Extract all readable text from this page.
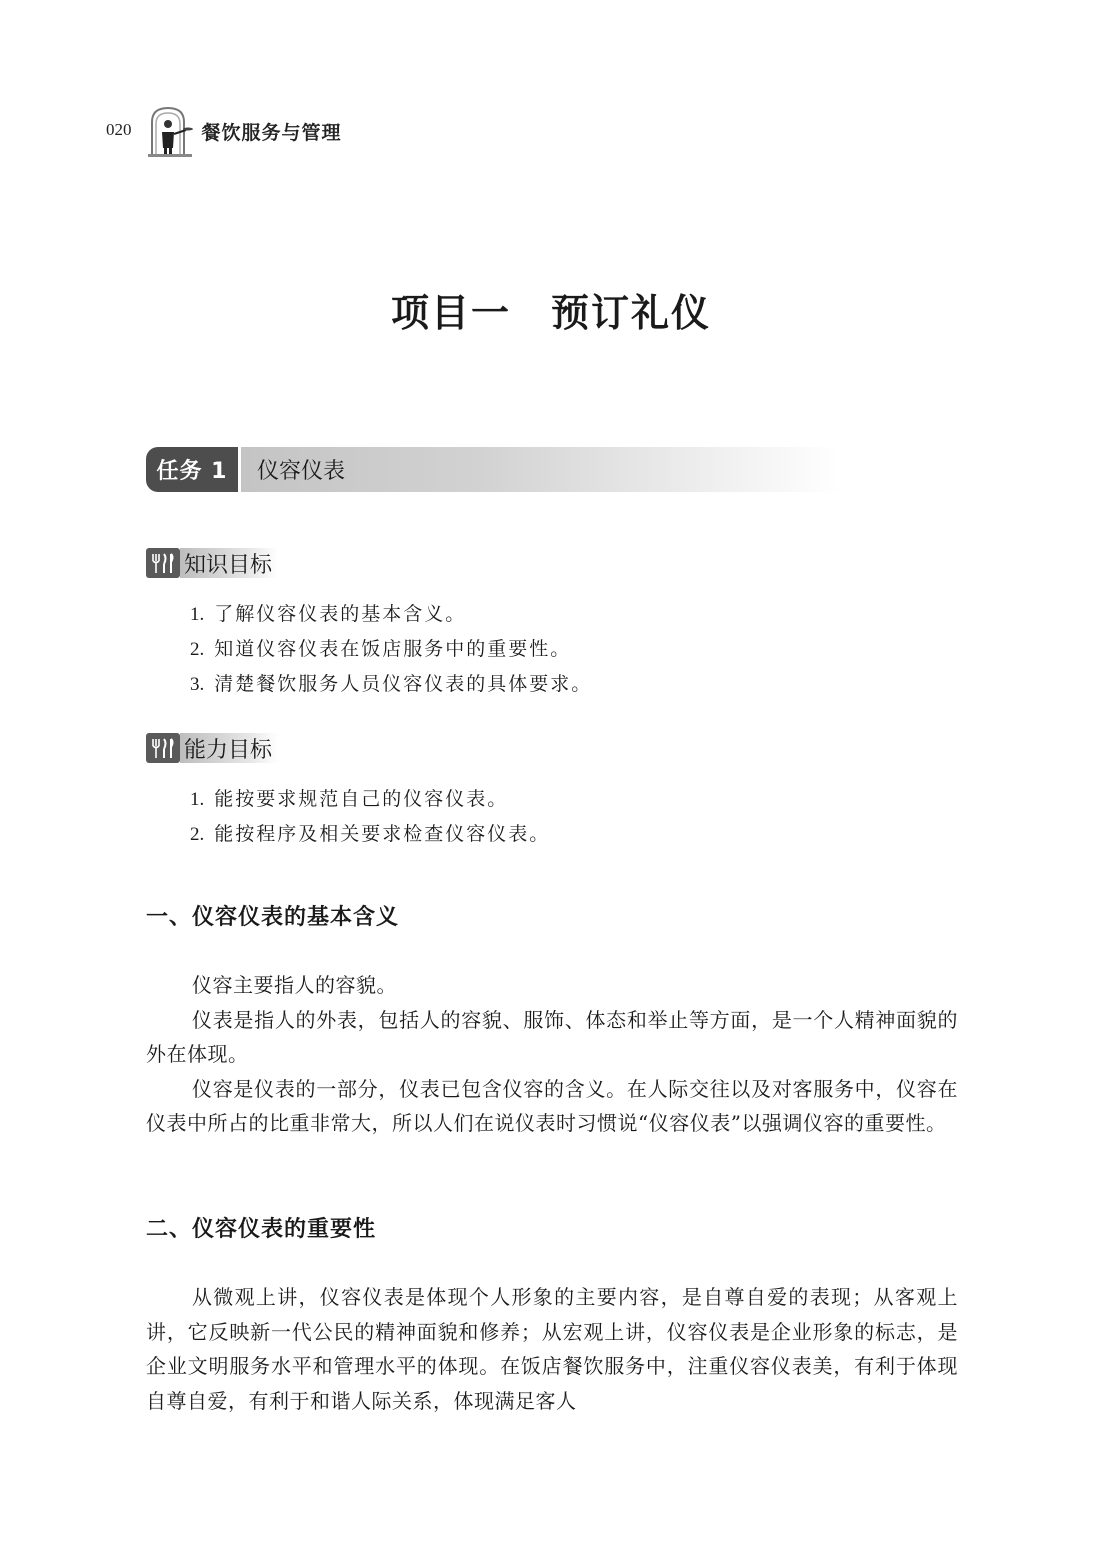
020	餐饮服务与管理
项目一 预订礼仪
任务 1	仪容仪表
知识目标
1. 了解仪容仪表的基本含义。
2. 知道仪容仪表在饭店服务中的重要性。
3. 清楚餐饮服务人员仪容仪表的具体要求。
能力目标
1. 能按要求规范自己的仪容仪表。
2. 能按程序及相关要求检查仪容仪表。
一、仪容仪表的基本含义

仪容主要指人的容貌。

仪表是指人的外表，包括人的容貌、服饰、体态和举止等方面，是一个人精神面貌的外在体现。

仪容是仪表的一部分，仪表已包含仪容的含义。在人际交往以及对客服务中，仪容在仪表中所占的比重非常大，所以人们在说仪表时习惯说“仪容仪表”以强调仪容的重要性。

二、仪容仪表的重要性

从微观上讲，仪容仪表是体现个人形象的主要内容，是自尊自爱的表现；从客观上讲，它反映新一代公民的精神面貌和修养；从宏观上讲，仪容仪表是企业形象的标志，是企业文明服务水平和管理水平的体现。在饭店餐饮服务中，注重仪容仪表美，有利于体现自尊自爱，有利于和谐人际关系，体现满足客人
